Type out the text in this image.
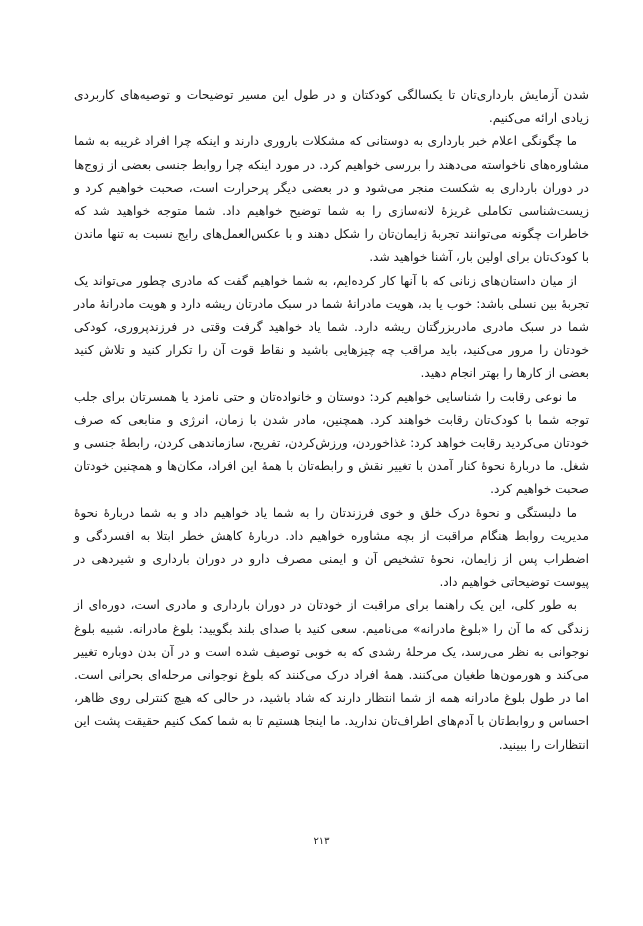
شدن آزمایش بارداری‌تان تا یکسالگی کودکتان و در طول این مسیر توضیحات و توصیه‌های کاربردی زیادی ارائه می‌کنیم.

ما چگونگی اعلام خبر بارداری به دوستانی که مشکلات باروری دارند و اینکه چرا افراد غریبه به شما مشاوره‌های ناخواسته می‌دهند را بررسی خواهیم کرد. در مورد اینکه چرا روابط جنسی بعضی از زوج‌ها در دوران بارداری به شکست منجر می‌شود و در بعضی دیگر پرحرارت است، صحبت خواهیم کرد و زیست‌شناسی تکاملی غریزهٔ لانه‌سازی را به شما توضیح خواهیم داد. شما متوجه خواهید شد که خاطرات چگونه می‌توانند تجربهٔ زایمان‌تان را شکل دهند و با عکس‌العمل‌های رایج نسبت به تنها ماندن با کودک‌تان برای اولین بار، آشنا خواهید شد.

از میان داستان‌های زنانی که با آنها کار کرده‌ایم، به شما خواهیم گفت که مادری چطور می‌تواند یک تجربهٔ بین نسلی باشد: خوب یا بد، هویت مادرانهٔ شما در سبک مادرتان ریشه دارد و هویت مادرانهٔ مادر شما در سبک مادری مادربزرگتان ریشه دارد. شما یاد خواهید گرفت وقتی در فرزندپروری، کودکی خودتان را مرور می‌کنید، باید مراقب چه چیزهایی باشید و نقاط قوت آن را تکرار کنید و تلاش کنید بعضی از کارها را بهتر انجام دهید.

ما نوعی رقابت را شناسایی خواهیم کرد: دوستان و خانواده‌تان و حتی نامزد یا همسرتان برای جلب توجه شما با کودک‌تان رقابت خواهند کرد. همچنین، مادر شدن با زمان، انرژی و منابعی که صرف خودتان می‌کردید رقابت خواهد کرد: غذاخوردن، ورزش‌کردن، تفریح، سازماندهی کردن، رابطهٔ جنسی و شغل. ما دربارهٔ نحوهٔ کنار آمدن با تغییر نقش و رابطه‌تان با همهٔ این افراد، مکان‌ها و همچنین خودتان صحبت خواهیم کرد.

ما دلبستگی و نحوهٔ درک خلق و خوی فرزندتان را به شما یاد خواهیم داد و به شما دربارهٔ نحوهٔ مدیریت روابط هنگام مراقبت از بچه مشاوره خواهیم داد. دربارهٔ کاهش خطر ابتلا به افسردگی و اضطراب پس از زایمان، نحوهٔ تشخیص آن و ایمنی مصرف دارو در دوران بارداری و شیردهی در پیوست توضیحاتی خواهیم داد.

به طور کلی، این یک راهنما برای مراقبت از خودتان در دوران بارداری و مادری است، دوره‌ای از زندگی که ما آن را «بلوغ مادرانه» می‌نامیم. سعی کنید با صدای بلند بگویید: بلوغ مادرانه. شبیه بلوغ نوجوانی به نظر می‌رسد، یک مرحلهٔ رشدی که به خوبی توصیف شده است و در آن بدن دوباره تغییر می‌کند و هورمون‌ها طغیان می‌کنند. همهٔ افراد درک می‌کنند که بلوغ نوجوانی مرحله‌ای بحرانی است. اما در طول بلوغ مادرانه همه از شما انتظار دارند که شاد باشید، در حالی که هیچ کنترلی روی ظاهر، احساس و روابط‌تان با آدم‌های اطراف‌تان ندارید. ما اینجا هستیم تا به شما کمک کنیم حقیقت پشت این انتظارات را ببینید.

۲۱۳
